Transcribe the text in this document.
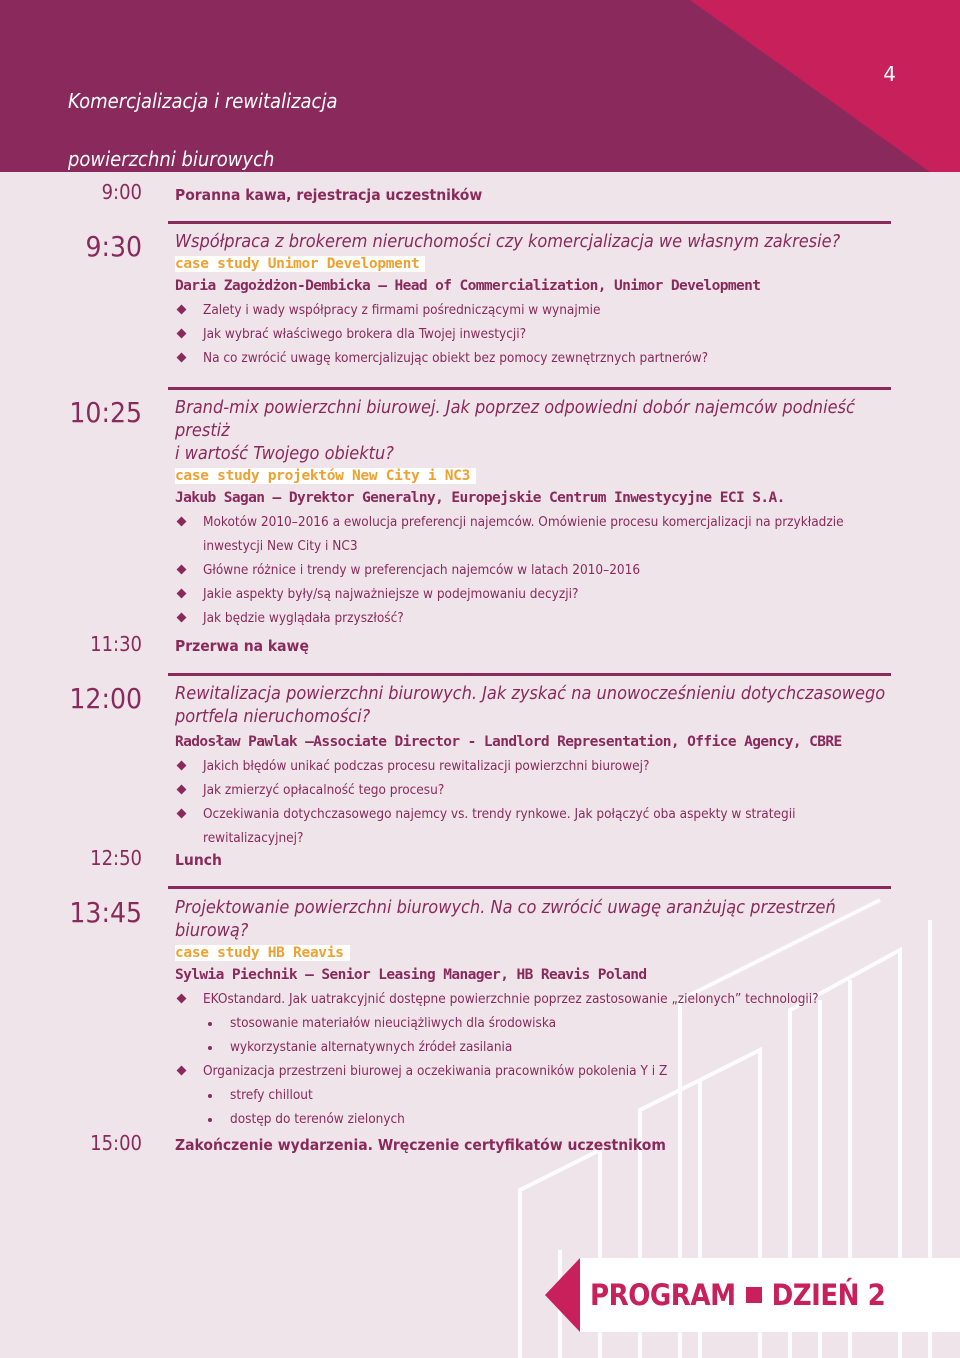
Komercjalizacja i rewitalizacja

powierzchni biurowych

4
9:00 Poranna kawa, rejestracja uczestników
9:30 Współpraca z brokerem nieruchomości czy komercjalizacja we własnym zakresie?
case study Unimor Development
Daria Zagożdżon-Dembicka – Head of Commercialization, Unimor Development
Zalety i wady współpracy z firmami pośredniczącymi w wynajmie
Jak wybrać właściwego brokera dla Twojej inwestycji?
Na co zwrócić uwagę komercjalizując obiekt bez pomocy zewnętrznych partnerów?
10:25 Brand-mix powierzchni biurowej. Jak poprzez odpowiedni dobór najemców podnieść prestiż
i wartość Twojego obiektu?
case study projektów New City i NC3
Jakub Sagan – Dyrektor Generalny, Europejskie Centrum Inwestycyjne ECI S.A.
Mokotów 2010–2016 a ewolucja preferencji najemców. Omówienie procesu komercjalizacji na przykładzie
inwestycji New City i NC3
Główne różnice i trendy w preferencjach najemców w latach 2010–2016
Jakie aspekty były/są najważniejsze w podejmowaniu decyzji?
Jak będzie wyglądała przyszłość?
11:30 Przerwa na kawę
12:00 Rewitalizacja powierzchni biurowych. Jak zyskać na unowocześnieniu dotychczasowego
portfela nieruchomości?
Radosław Pawlak –Associate Director - Landlord Representation, Office Agency, CBRE
Jakich błędów unikać podczas procesu rewitalizacji powierzchni biurowej?
Jak zmierzyć opłacalność tego procesu?
Oczekiwania dotychczasowego najemcy vs. trendy rynkowe. Jak połączyć oba aspekty w strategii rewitalizacyjnej?
12:50 Lunch
13:45 Projektowanie powierzchni biurowych. Na co zwrócić uwagę aranżując przestrzeń biurową?
case study HB Reavis
Sylwia Piechnik – Senior Leasing Manager, HB Reavis Poland
EKOstandard. Jak uatrakcyjnić dostępne powierzchnie poprzez zastosowanie „zielonych” technologii?
stosowanie materiałów nieuciążliwych dla środowiska
wykorzystanie alternatywnych źródeł zasilania
Organizacja przestrzeni biurowej a oczekiwania pracowników pokolenia Y i Z
strefy chillout
dostęp do terenów zielonych
15:00 Zakończenie wydarzenia. Wręczenie certyfikatów uczestnikom
PROGRAM DZIEŃ 2
